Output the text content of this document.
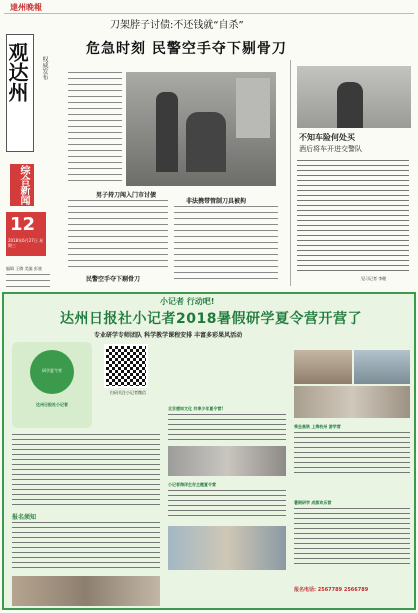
達州晚報
观达州	权威发布
综合新闻
12
2018年6月27日 星期三
编辑 王腾 美编 彭骏
刀架脖子讨债:不还钱就“自杀”
危急时刻 民警空手夺下剔骨刀
男子持刀闯入门市讨债
非法携带管制刀具被拘
民警空手夺下剔骨刀
不知车险何处买
酒后将车开进交警队
见习记者 李健
小记者 行动吧!
达州日报社小记者2018暑假研学夏令营开营了
专业研学专师团队 科学教学课程安排 丰富多彩果风活动
研学夏令营
达州日报社小记者
扫码关注小记者微信
报名须知
北京感知文化 共享少年夏令营!
小记者海洋生存主题夏令营
乘坐高铁 上海杭州 游学营
暑期研学 成都欢乐营
报名电话: 2567789 2566789
